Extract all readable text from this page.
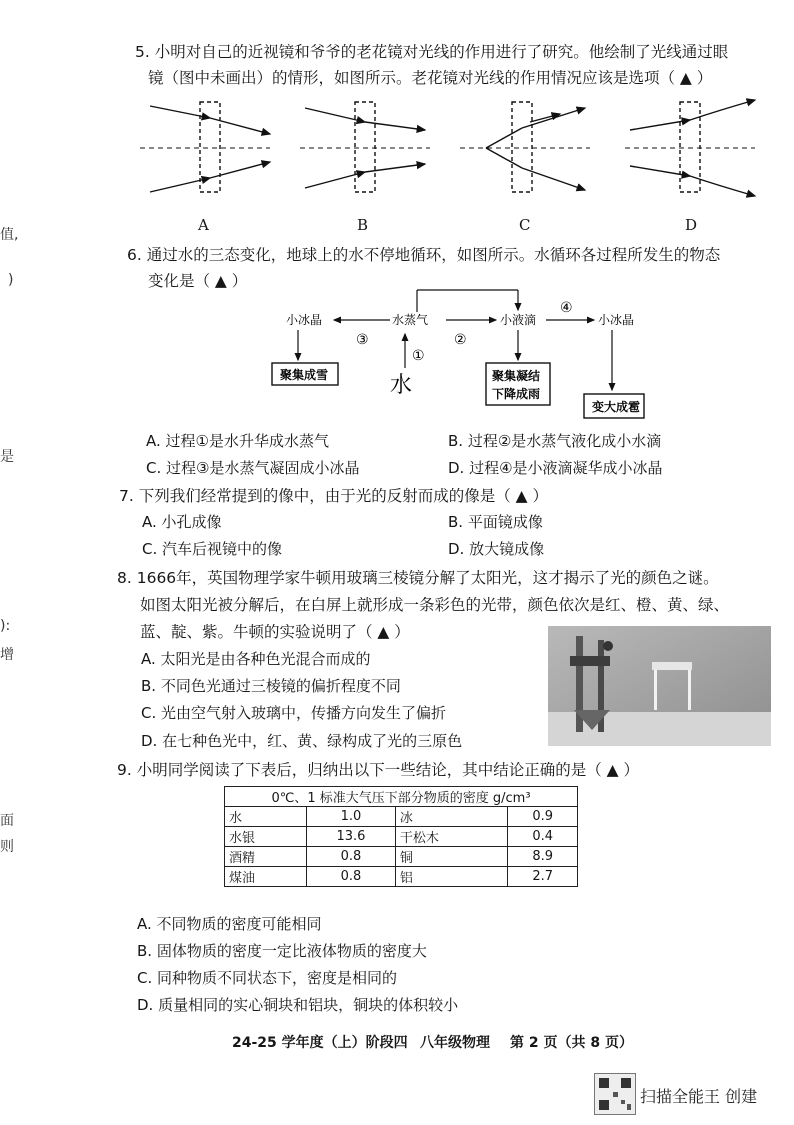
值,
)
是
):
增
面
则
5. 小明对自己的近视镜和爷爷的老花镜对光线的作用进行了研究。他绘制了光线通过眼
镜（图中未画出）的情形，如图所示。老花镜对光线的作用情况应该是选项（ ▲ ）
A	B	C	D
6. 通过水的三态变化，地球上的水不停地循环，如图所示。水循环各过程所发生的物态
变化是（ ▲ ）
小冰晶	水蒸气	小液滴	小冰晶
水
③
①
②
④
聚集成雪	聚集凝结
下降成雨
变大成雹
A. 过程①是水升华成水蒸气	B. 过程②是水蒸气液化成小水滴
C. 过程③是水蒸气凝固成小冰晶	D. 过程④是小液滴凝华成小冰晶
7. 下列我们经常提到的像中，由于光的反射而成的像是（ ▲ ）
A. 小孔成像	B. 平面镜成像
C. 汽车后视镜中的像	D. 放大镜成像
8. 1666年，英国物理学家牛顿用玻璃三棱镜分解了太阳光，这才揭示了光的颜色之谜。
如图太阳光被分解后，在白屏上就形成一条彩色的光带，颜色依次是红、橙、黄、绿、
蓝、靛、紫。牛顿的实验说明了（ ▲ ）
A. 太阳光是由各种色光混合而成的
B. 不同色光通过三棱镜的偏折程度不同
C. 光由空气射入玻璃中，传播方向发生了偏折
D. 在七种色光中，红、黄、绿构成了光的三原色
9. 小明同学阅读了下表后，归纳出以下一些结论，其中结论正确的是（ ▲ ）
0℃、1 标准大气压下部分物质的密度 g/cm³			
水	1.0	冰	0.9
水银	13.6	干松木	0.4
酒精	0.8	铜	8.9
煤油	0.8	铝	2.7
A. 不同物质的密度可能相同
B. 固体物质的密度一定比液体物质的密度大
C. 同种物质不同状态下，密度是相同的
D. 质量相同的实心铜块和铝块，铜块的体积较小
24-25 学年度（上）阶段四 八年级物理 第 2 页（共 8 页）
扫描全能王 创建
